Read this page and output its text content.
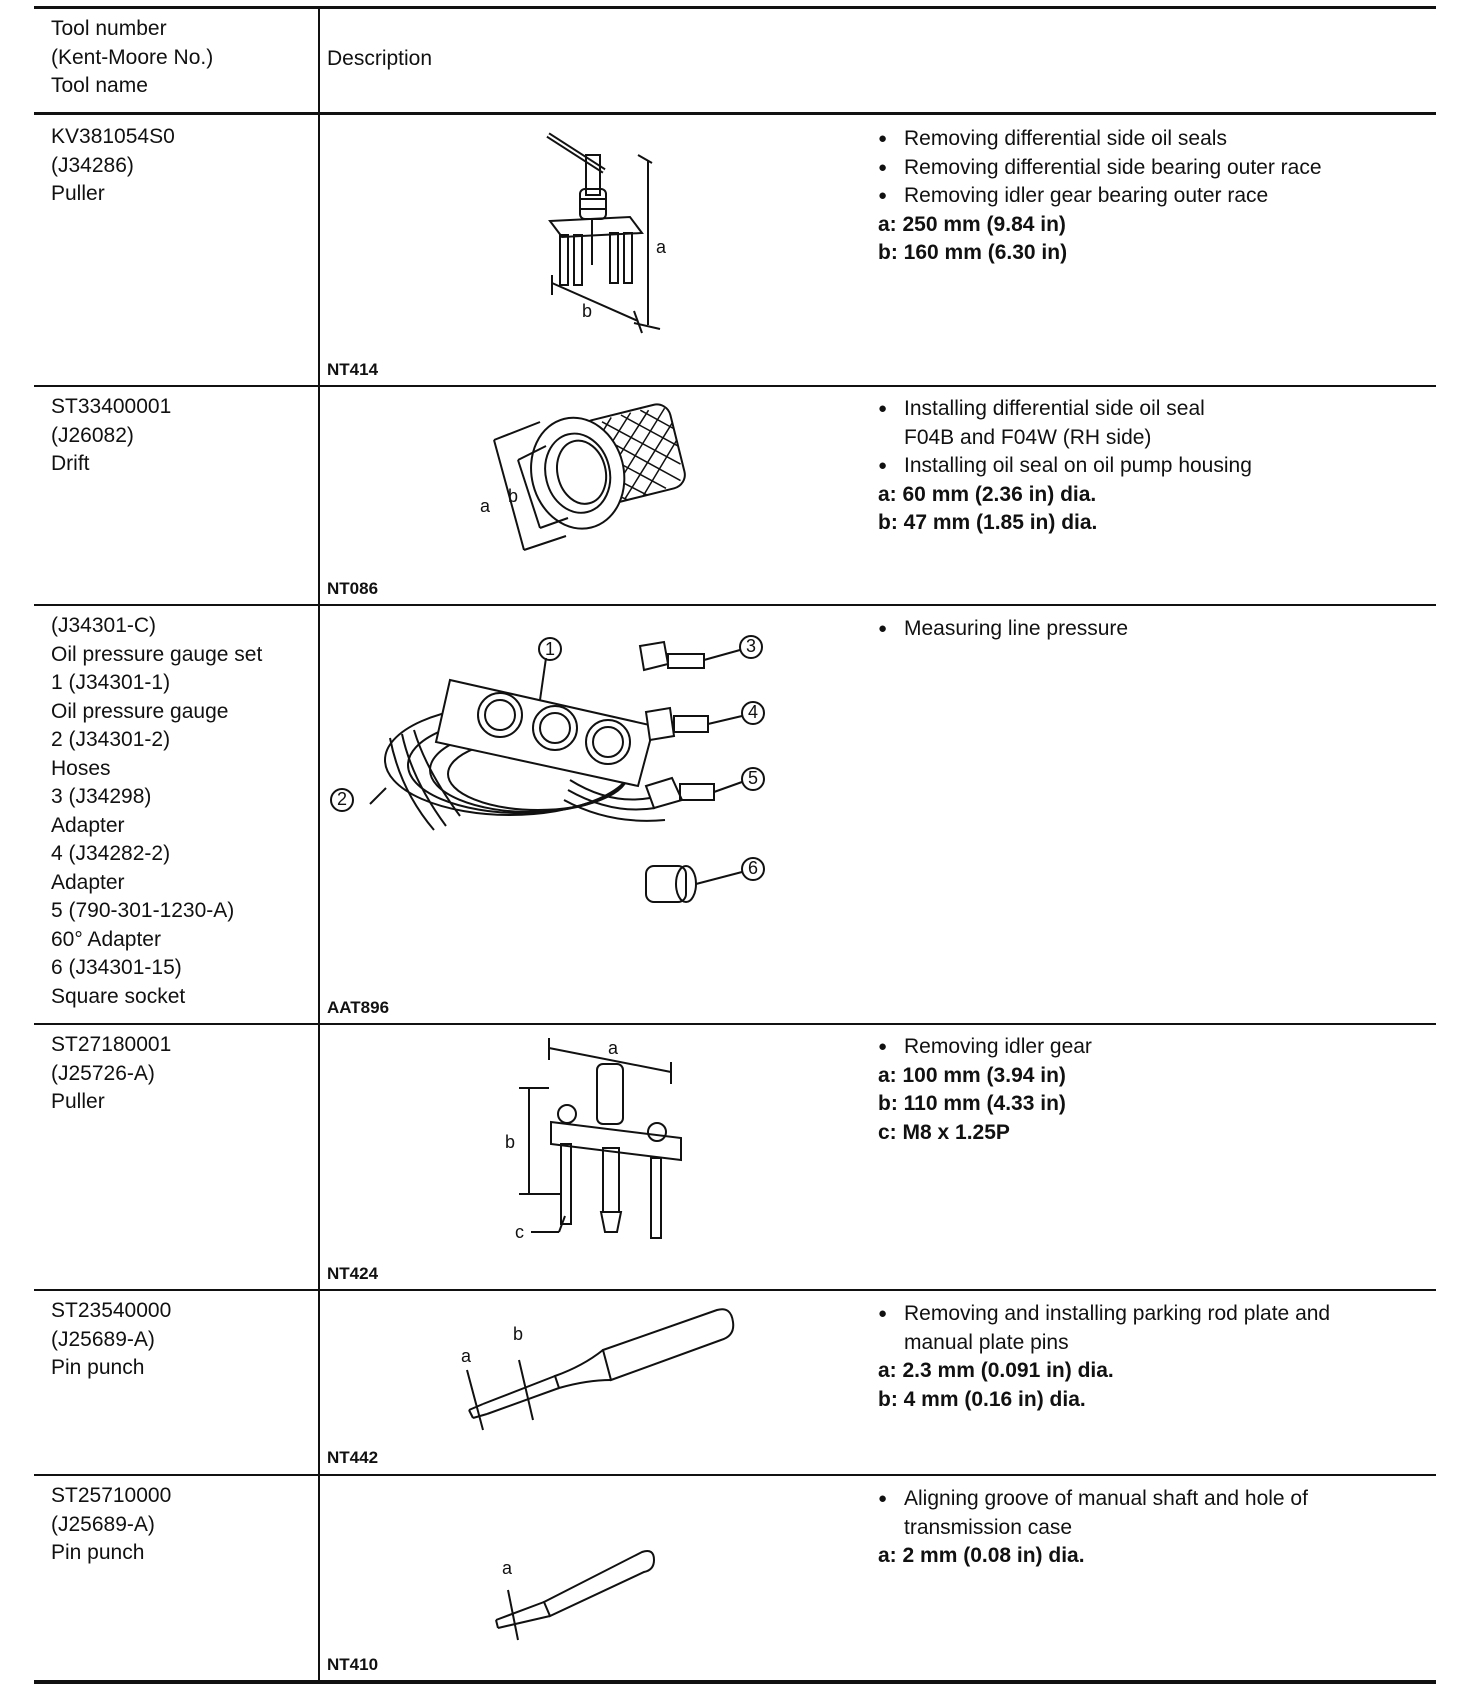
Tool number
(Kent-Moore No.)
Tool name
Description
KV381054S0
(J34286)
Puller
a
b
NT414
● Removing differential side oil seals
● Removing differential side bearing outer race
● Removing idler gear bearing outer race
a: 250 mm (9.84 in)
b: 160 mm (6.30 in)
ST33400001
(J26082)
Drift
a b
NT086
● Installing differential side oil seal
F04B and F04W (RH side)
● Installing oil seal on oil pump housing
a: 60 mm (2.36 in) dia.
b: 47 mm (1.85 in) dia.
(J34301-C)
Oil pressure gauge set
1 (J34301-1)
Oil pressure gauge
2 (J34301-2)
Hoses
3 (J34298)
Adapter
4 (J34282-2)
Adapter
5 (790-301-1230-A)
60° Adapter
6 (J34301-15)
Square socket
1
2
3
4
5
6
AAT896
● Measuring line pressure
ST27180001
(J25726-A)
Puller
a
b
c
NT424
● Removing idler gear
a: 100 mm (3.94 in)
b: 110 mm (4.33 in)
c: M8 x 1.25P
ST23540000
(J25689-A)
Pin punch
b
a
NT442
● Removing and installing parking rod plate and
manual plate pins
a: 2.3 mm (0.091 in) dia.
b: 4 mm (0.16 in) dia.
ST25710000
(J25689-A)
Pin punch
a
NT410
● Aligning groove of manual shaft and hole of
transmission case
a: 2 mm (0.08 in) dia.
